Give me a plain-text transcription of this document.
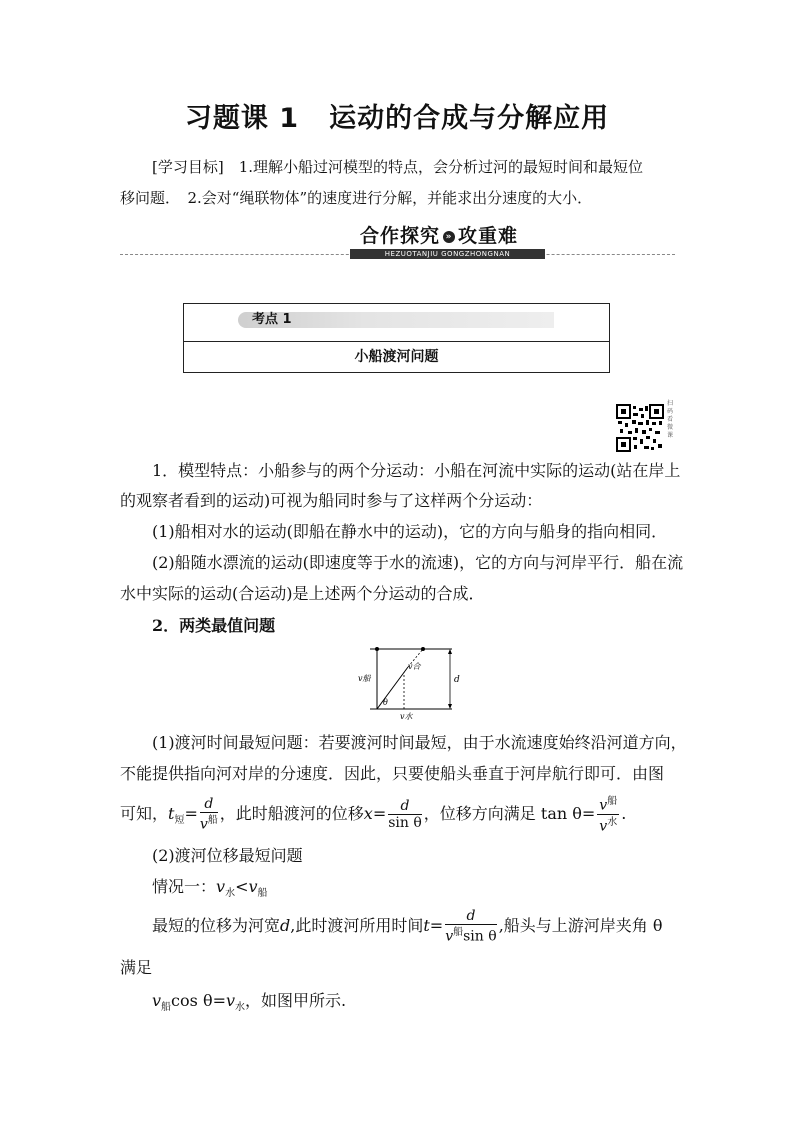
习题课 1 运动的合成与分解应用
[学习目标]　1.理解小船过河模型的特点，会分析过河的最短时间和最短位
移问题．　2.会对“绳联物体”的速度进行分解，并能求出分速度的大小．
合作探究 » 攻重难
HEZUOTANJIU GONGZHONGNAN
考点 1
小船渡河问题
扫码看微课
1．模型特点：小船参与的两个分运动：小船在河流中实际的运动(站在岸上
的观察者看到的运动)可视为船同时参与了这样两个分运动：
(1)船相对水的运动(即船在静水中的运动)，它的方向与船身的指向相同．
(2)船随水漂流的运动(即速度等于水的流速)，它的方向与河岸平行．船在流
水中实际的运动(合运动)是上述两个分运动的合成．
2．两类最值问题
v船
v合
v水
θ
d
(1)渡河时间最短问题：若要渡河时间最短，由于水流速度始终沿河道方向，
不能提供指向河对岸的分速度．因此，只要使船头垂直于河岸航行即可．由图
可知，$t_短= \frac{d}{v^船}$ ，此时船渡河的位移$x= \frac{d}{\text{sin θ}}$ ，位移方向满足 $\tan \theta= \frac{v^船}{v^水}$ .
(2)渡河位移最短问题
情况一：$v_水<v_船$
最短的位移为河宽d,此时渡河所用时间$t= \frac{d}{v^船\sin \theta}$ ,船头与上游河岸夹角 θ
满足
$v_船\cos$ $\theta=v_水$，如图甲所示.
